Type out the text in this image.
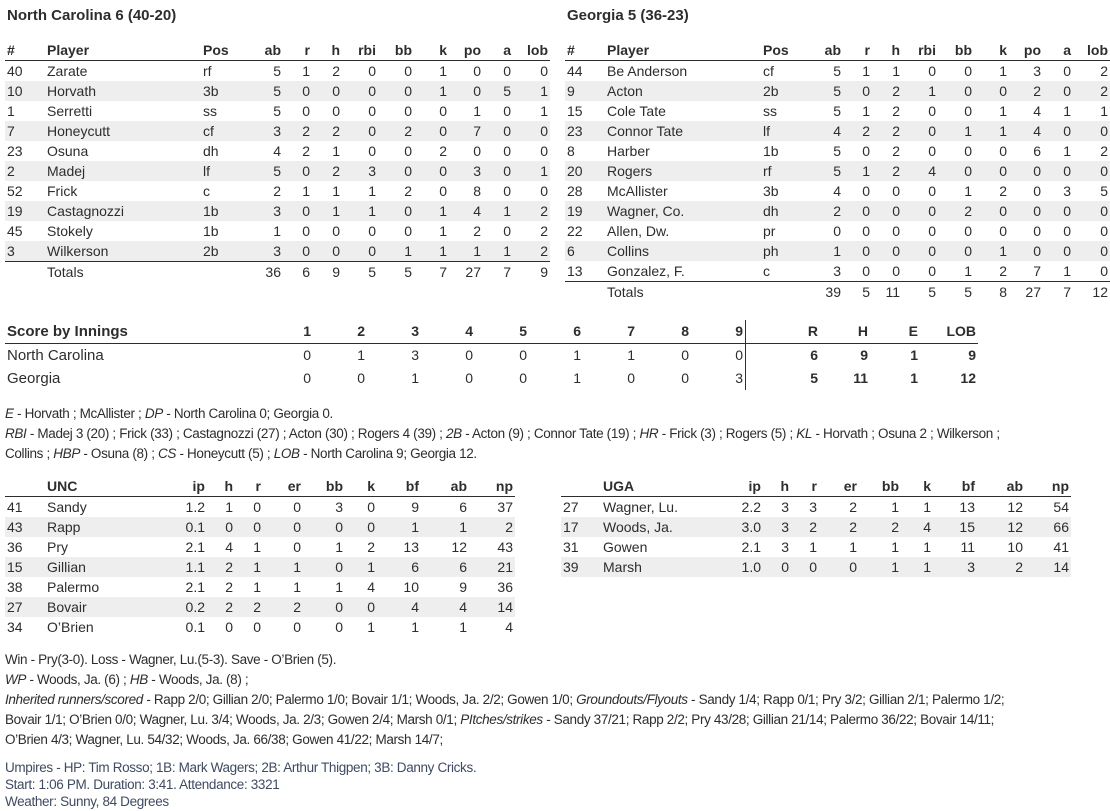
North Carolina 6 (40-20)
#	Player	Pos	ab	r	h	rbi	bb	k	po	a	lob
40	Zarate	rf	5	1	2	0	0	1	0	0	0
10	Horvath	3b	5	0	0	0	0	1	0	5	1
1	Serretti	ss	5	0	0	0	0	0	1	0	1
7	Honeycutt	cf	3	2	2	0	2	0	7	0	0
23	Osuna	dh	4	2	1	0	0	2	0	0	0
2	Madej	lf	5	0	2	3	0	0	3	0	1
52	Frick	c	2	1	1	1	2	0	8	0	0
19	Castagnozzi	1b	3	0	1	1	0	1	4	1	2
45	Stokely	1b	1	0	0	0	0	1	2	0	2
3	Wilkerson	2b	3	0	0	0	1	1	1	1	2
	Totals		36	6	9	5	5	7	27	7	9
Georgia 5 (36-23)
#	Player	Pos	ab	r	h	rbi	bb	k	po	a	lob
44	Be Anderson	cf	5	1	1	0	0	1	3	0	2
9	Acton	2b	5	0	2	1	0	0	2	0	2
15	Cole Tate	ss	5	1	2	0	0	1	4	1	1
23	Connor Tate	lf	4	2	2	0	1	1	4	0	0
8	Harber	1b	5	0	2	0	0	0	6	1	2
20	Rogers	rf	5	1	2	4	0	0	0	0	0
28	McAllister	3b	4	0	0	0	1	2	0	3	5
19	Wagner, Co.	dh	2	0	0	0	2	0	0	0	0
22	Allen, Dw.	pr	0	0	0	0	0	0	0	0	0
6	Collins	ph	1	0	0	0	0	1	0	0	0
13	Gonzalez, F.	c	3	0	0	0	1	2	7	1	0
	Totals		39	5	11	5	5	8	27	7	12
Score by Innings	1	2	3	4	5	6	7	8	9	R	H	E	LOB
North Carolina	0	1	3	0	0	1	1	0	0	6	9	1	9
Georgia	0	0	1	0	0	1	0	0	3	5	11	1	12

E - Horvath ; McAllister ; DP - North Carolina 0; Georgia 0.

RBI - Madej 3 (20) ; Frick (33) ; Castagnozzi (27) ; Acton (30) ; Rogers 4 (39) ; 2B - Acton (9) ; Connor Tate (19) ; HR - Frick (3) ; Rogers (5) ; KL - Horvath ; Osuna 2 ; Wilkerson ; Collins ; HBP - Osuna (8) ; CS - Honeycutt (5) ; LOB - North Carolina 9; Georgia 12.

	UNC	ip	h	r	er	bb	k	bf	ab	np
41	Sandy	1.2	1	0	0	3	0	9	6	37
43	Rapp	0.1	0	0	0	0	0	1	1	2
36	Pry	2.1	4	1	0	1	2	13	12	43
15	Gillian	1.1	2	1	1	0	1	6	6	21
38	Palermo	2.1	2	1	1	1	4	10	9	36
27	Bovair	0.2	2	2	2	0	0	4	4	14
34	O’Brien	0.1	0	0	0	0	1	1	1	4
	UGA	ip	h	r	er	bb	k	bf	ab	np
27	Wagner, Lu.	2.2	3	3	2	1	1	13	12	54
17	Woods, Ja.	3.0	3	2	2	2	4	15	12	66
31	Gowen	2.1	3	1	1	1	1	11	10	41
39	Marsh	1.0	0	0	0	1	1	3	2	14

Win - Pry(3-0). Loss - Wagner, Lu.(5-3). Save - O’Brien (5).

WP - Woods, Ja. (6) ; HB - Woods, Ja. (8) ;

Inherited runners/scored - Rapp 2/0; Gillian 2/0; Palermo 1/0; Bovair 1/1; Woods, Ja. 2/2; Gowen 1/0; Groundouts/Flyouts - Sandy 1/4; Rapp 0/1; Pry 3/2; Gillian 2/1; Palermo 1/2; Bovair 1/1; O’Brien 0/0; Wagner, Lu. 3/4; Woods, Ja. 2/3; Gowen 2/4; Marsh 0/1; PItches/strikes - Sandy 37/21; Rapp 2/2; Pry 43/28; Gillian 21/14; Palermo 36/22; Bovair 14/11; O’Brien 4/3; Wagner, Lu. 54/32; Woods, Ja. 66/38; Gowen 41/22; Marsh 14/7;

Umpires - HP: Tim Rosso; 1B: Mark Wagers; 2B: Arthur Thigpen; 3B: Danny Cricks.

Start: 1:06 PM. Duration: 3:41. Attendance: 3321

Weather: Sunny, 84 Degrees
